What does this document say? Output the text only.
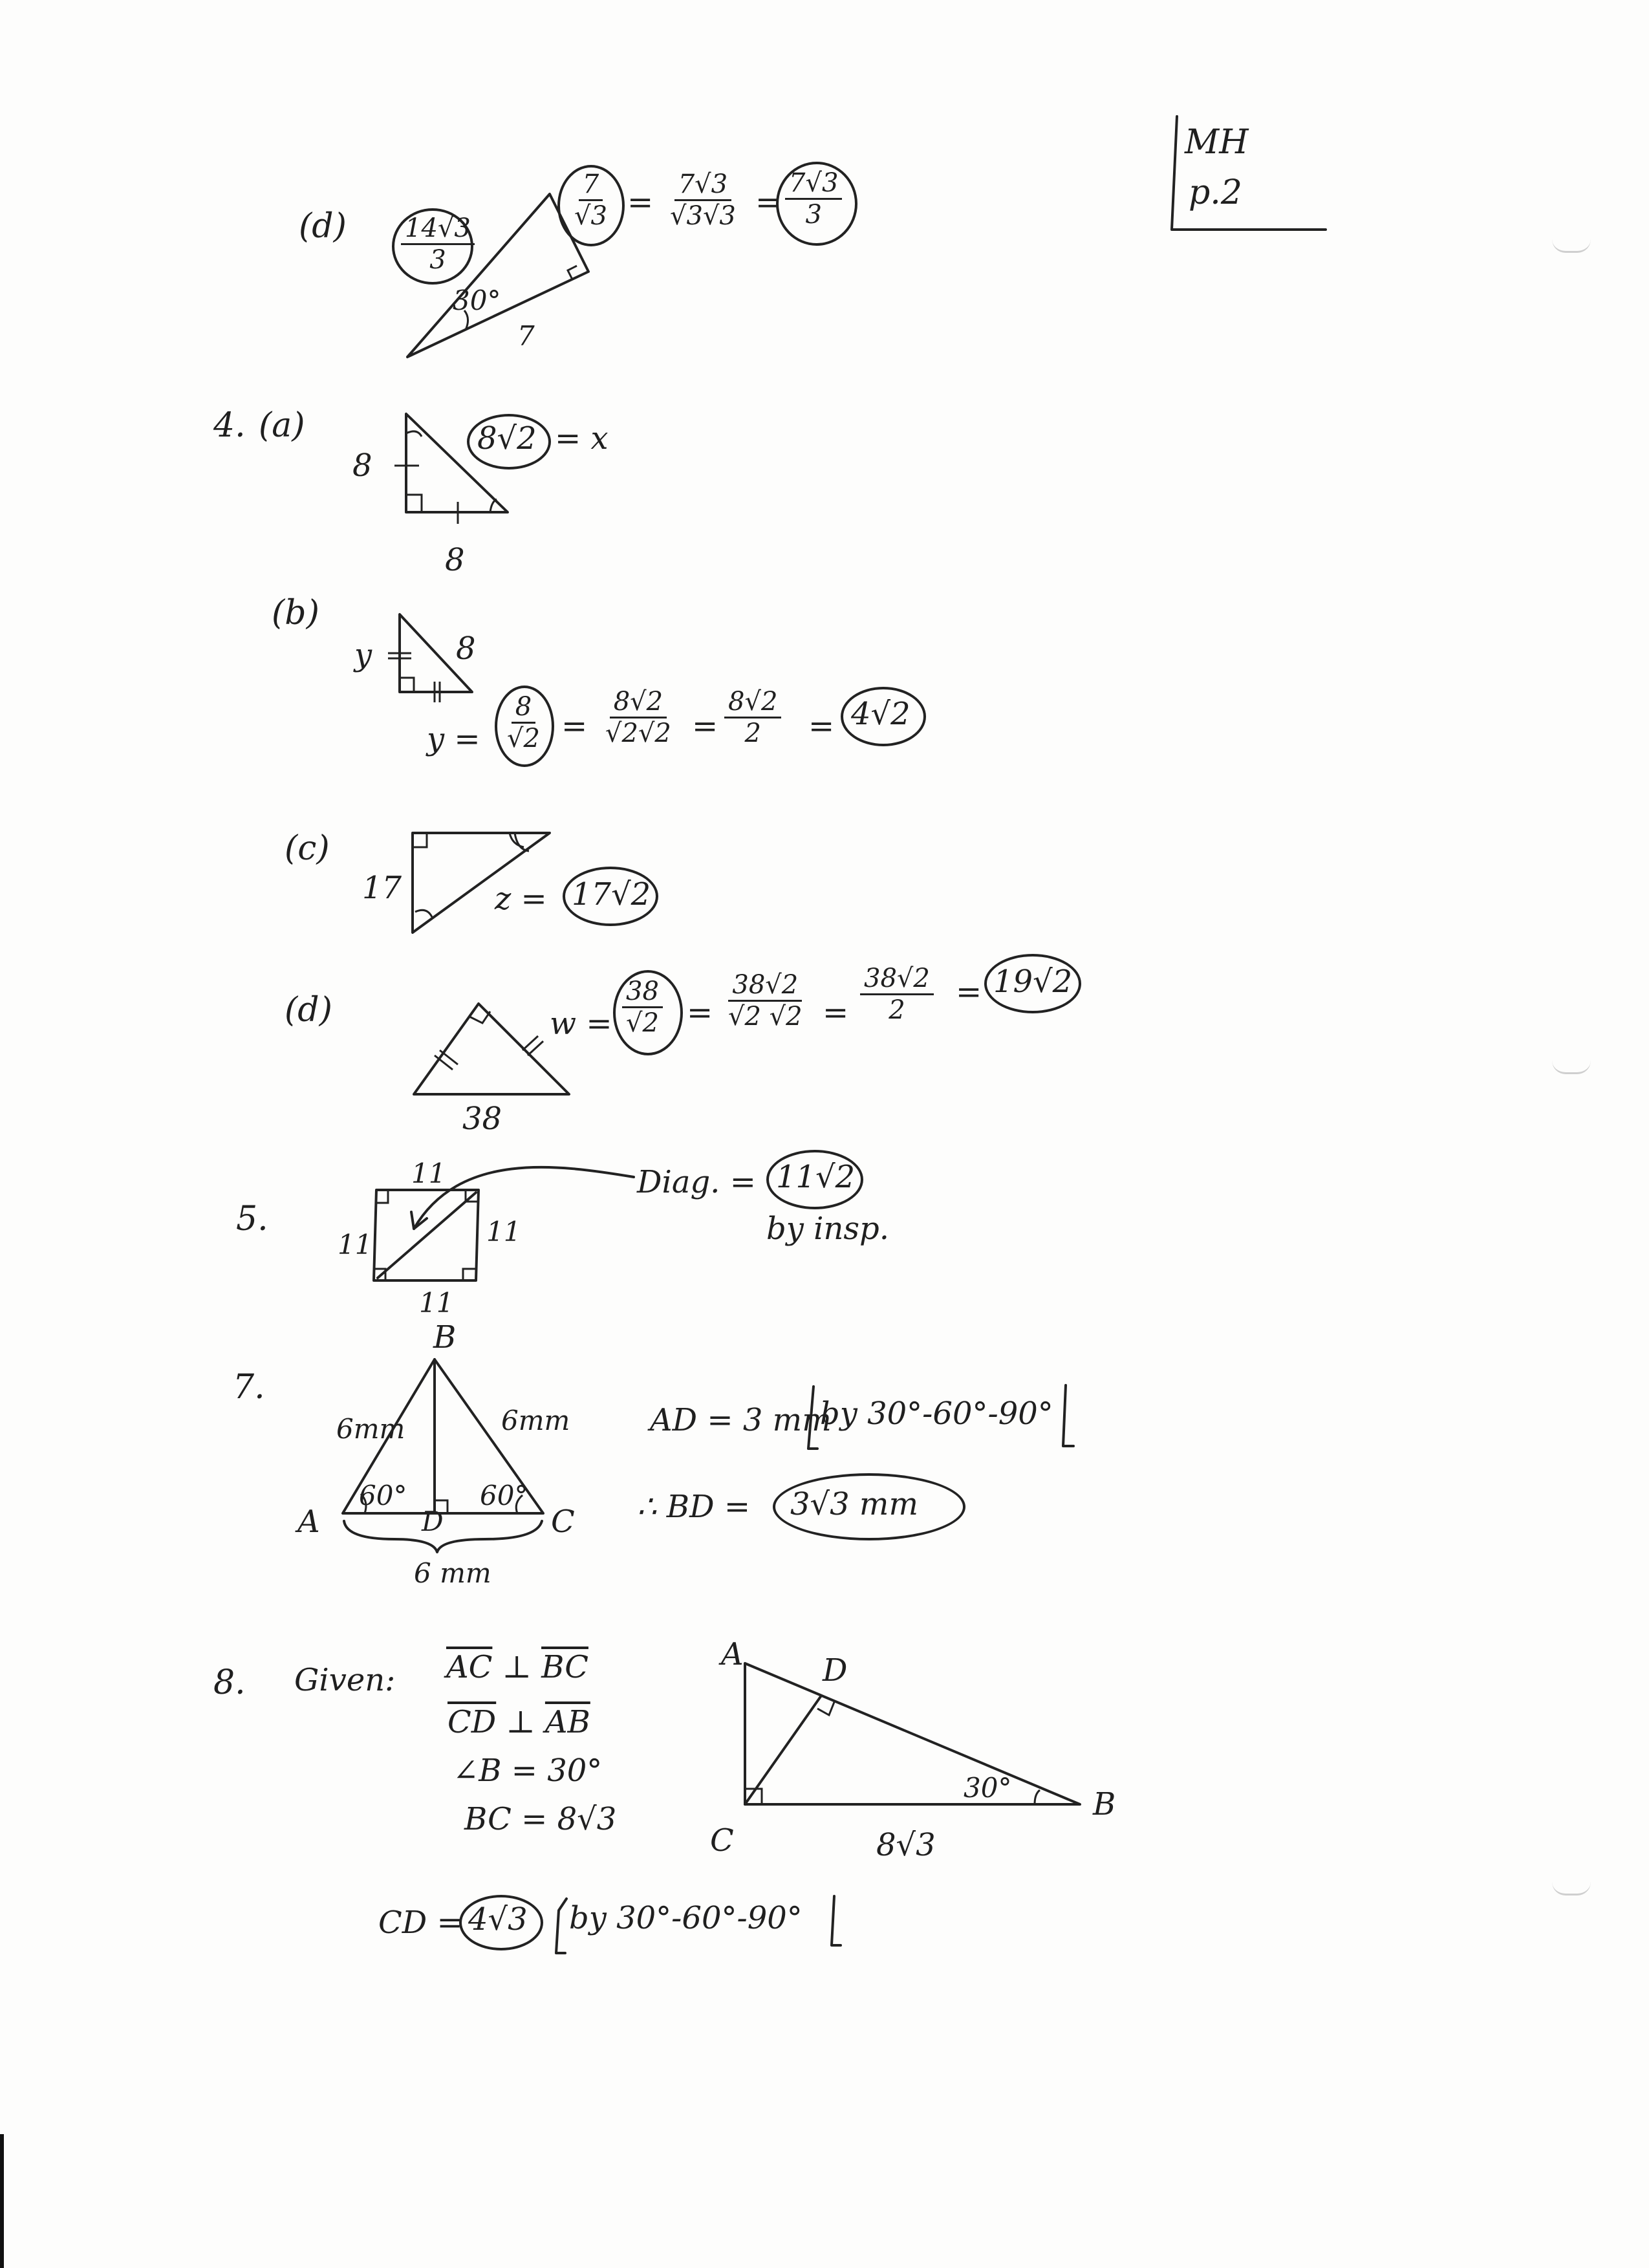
MH
p.2
$(d) \frac{14√3}{3}$
30°
7
$\frac{7}{√3} = \frac{7√3}{√3√3} = \frac{7√3}{3}$
4. (a)
8
8
8√2 = x
(b)
y	8
$y = \frac{8}{√2} = \frac{8√2}{√2√2} = \frac{8√2}{2} = 4√2$
(c)
17	z = 17√2
(d)
38
$w = \frac{38}{√2} = \frac{38√2}{√2 √2} = \frac{38√2}{2} = 19√2$
5.
11
11	11
11
Diag. = 11√2
by insp.
7.
B
A	C
D
6mm	6mm
60°	60°
6 mm
AD = 3 mm
by 30°-60°-90°
∴ BD = 3√3 mm
8. Given: $\overline{AC}$ ⊥ $\overline{BC}$
$\overline{CD}$ ⊥ $\overline{AB}$
∠B = 30°
BC = 8√3
A	D
C
B
30°
8√3
CD = 4√3 by 30°-60°-90°
